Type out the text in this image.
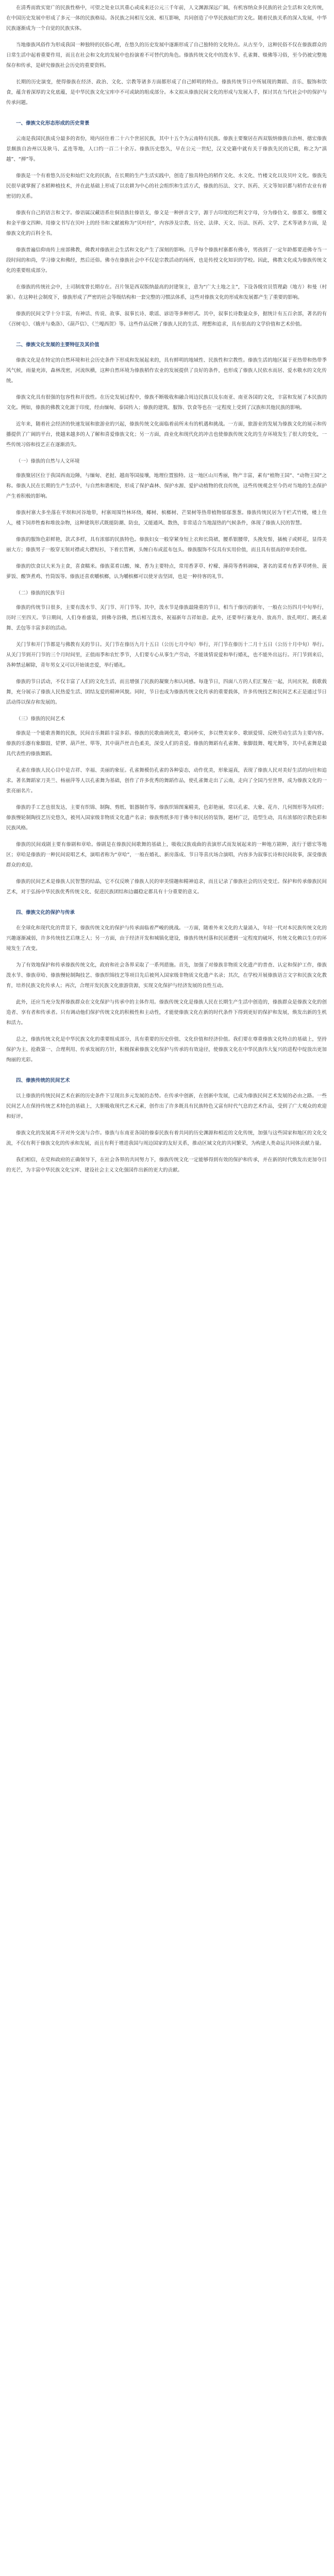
在清秀而敦实宽广的民族性格中，可望之处业以其重心或成来还公元三千年前，人文渊源深远广阔，有机容纳众多民族的社会生活和文化传统，在中国历史发展中形成了多元一体的民族格局。各民族之间相互交流、相互影响，共同创造了中华民族灿烂的文化。随着民族关系的深入发展，中华民族逐渐成为一个自觉的民族实体。

当地傣族风俗作为形成我国一种独特的民俗心理，在悠久的历史发展中逐渐形成了自己独特的文化特点。从古至今，这种民俗不仅在傣族群众的日常生活中起着重要作用，而且在社会和文化的发展中也扮演着不可替代的角色。傣族传统文化中的泼水节、孔雀舞、赕佛等习俗，至今仍被完整地保存和传承，是研究傣族社会历史的重要资料。

长期的历史演变，使得傣族在经济、政治、文化、宗教等诸多方面都形成了自己鲜明的特点。傣族传统节日中所展现的舞蹈、音乐、服饰和饮食，蕴含着深厚的文化底蕴，是中华民族文化宝库中不可或缺的组成部分。本文拟从傣族民间文化的形成与发展入手，探讨其在当代社会中的保护与传承问题。

一、傣族文化形态形成的历史背景

云南是我国民族成分最多的省份，境内居住着二十六个世居民族，其中十五个为云南特有民族。傣族主要聚居在西双版纳傣族自治州、德宏傣族景颇族自治州以及耿马、孟连等地，人口约一百二十余万。傣族历史悠久，早在公元一世纪，汉文史籍中就有关于傣族先民的记载，称之为“滇越”、“掸”等。

傣族是一个有着悠久历史和灿烂文化的民族，在长期的生产生活实践中，创造了独具特色的稻作文化、水文化、竹楼文化以及贝叶文化。傣族先民很早就掌握了水稻种植技术，并在此基础上形成了以农耕为中心的社会组织和生活方式，傣族的历法、文字、医药、天文等知识都与稻作农业有着密切的关系。

傣族有自己的语言和文字。傣语属汉藏语系壮侗语族壮傣语支，傣文是一种拼音文字，源于古印度的巴利文字母，分为傣仂文、傣那文、傣绷文和金平傣文四种。用傣文书写在贝叶上的经书和文献被称为“贝叶经”，内容涉及宗教、历史、法律、天文、历法、医药、文学、艺术等诸多方面，是傣族文化的百科全书。

傣族普遍信仰南传上座部佛教，佛教对傣族社会生活和文化产生了深刻的影响。几乎每个傣族村寨都有佛寺，男孩到了一定年龄都要进佛寺当一段时间的和尚，学习傣文和佛经，然后还俗。佛寺在傣族社会中不仅是宗教活动的场所，也是传授文化知识的学校。因此，佛教文化成为傣族传统文化的重要组成部分。

在傣族的传统社会中，土司制度曾长期存在。召片领是西双版纳最高的封建领主，意为“广大土地之主”，下设各级官员管理勐（地方）和曼（村寨）。在这种社会制度下，傣族形成了严密的社会等级结构和一套完整的习惯法体系，这些对傣族文化的形成和发展都产生了重要的影响。

傣族的民间文学十分丰富，有神话、传说、故事、叙事长诗、歌谣、谚语等多种形式。其中，叙事长诗数量众多，据统计有五百余部，著名的有《召树屯》、《娥并与桑洛》、《葫芦信》、《兰嘎西贺》等。这些作品反映了傣族人民的生活、理想和追求，具有很高的文学价值和艺术价值。

二、傣族文化发展的主要特征及其价值

傣族文化是在特定的自然环境和社会历史条件下形成和发展起来的，具有鲜明的地域性、民族性和宗教性。傣族生活的地区属于亚热带和热带季风气候，雨量充沛，森林茂密，河流纵横，这种自然环境为傣族稻作农业的发展提供了良好的条件，也形成了傣族人民依水而居、爱水敬水的文化传统。

傣族文化具有很强的包容性和开放性。在历史发展过程中，傣族不断吸收和融合周边民族以及东南亚、南亚各国的文化，丰富和发展了本民族的文化。例如，傣族的佛教文化源于印度，经由缅甸、泰国传入；傣族的建筑、服饰、饮食等也在一定程度上受到了汉族和其他民族的影响。

近年来，随着社会经济的快速发展和旅游业的兴起，傣族传统文化面临着前所未有的机遇和挑战。一方面，旅游业的发展为傣族文化的展示和传播提供了广阔的平台，使越来越多的人了解和喜爱傣族文化；另一方面，商业化和现代化的冲击也使傣族传统文化的生存环境发生了很大的变化，一些传统习俗和技艺正在逐渐消失。

（一）傣族的自然与人文环境

傣族聚居区位于我国西南边陲，与缅甸、老挝、越南等国接壤，地理位置独特。这一地区山川秀丽，物产丰富，素有“植物王国”、“动物王国”之称。傣族人民在长期的生产生活中，与自然和谐相处，形成了保护森林、保护水源、爱护动植物的优良传统，这些传统观念至今仍对当地的生态保护产生着积极的影响。

傣族村寨大多坐落在平坝和河谷地带，村寨周围竹林环绕，椰树、槟榔树、芒果树等热带植物郁郁葱葱。傣族传统民居为干栏式竹楼，楼上住人，楼下饲养牲畜和堆放杂物，这种建筑形式既能防潮、防虫，又能通风、散热，非常适合当地湿热的气候条件，体现了傣族人民的智慧。

傣族的服饰色彩鲜艳，款式多样，具有浓郁的民族特色。傣族妇女一般穿紧身短上衣和长筒裙，腰系银腰带，头挽发髻，插梳子或鲜花，显得美丽大方；傣族男子一般穿无领对襟或大襟短衫，下着长管裤，头缠白布或蓝布包头。傣族服饰不仅具有实用价值，而且具有很高的审美价值。

傣族的饮食以大米为主食，喜食糯米。傣族菜肴以酸、辣、香为主要特点，常用香茅草、柠檬、薄荷等香料调味，著名的菜肴有香茅草烤鱼、菠萝饭、酸笋煮鸡、竹筒饭等。傣族还喜欢嚼槟榔，认为嚼槟榔可以使牙齿坚固，也是一种待客的礼节。

（二）傣族的民族节日

傣族的传统节日很多，主要有泼水节、关门节、开门节等。其中，泼水节是傣族最隆重的节日，相当于傣历的新年，一般在公历四月中旬举行，历时三至四天。节日期间，人们身着盛装，到佛寺浴佛，然后相互泼水，祝福新年吉祥如意。此外，还要举行赛龙舟、放高升、放孔明灯、跳孔雀舞、丢包等丰富多彩的活动。

关门节和开门节都是与佛教有关的节日。关门节在傣历九月十五日（公历七月中旬）举行，开门节在傣历十二月十五日（公历十月中旬）举行。从关门节到开门节的三个月时间里，正值雨季和农忙季节，人们要专心从事生产劳动，不能谈情说爱和举行婚礼，也不能外出远行。开门节到来后，各种禁忌解除，青年男女又可以开始谈恋爱，举行婚礼。

傣族的节日活动，不仅丰富了人们的文化生活，而且增强了民族的凝聚力和认同感。每逢节日，四面八方的人们汇聚在一起，共同庆祝，载歌载舞，充分展示了傣族人民热爱生活、团结友爱的精神风貌。同时，节日也成为傣族传统文化传承的重要载体，许多传统技艺和民间艺术正是通过节日活动得以保存和发展的。

（三）傣族的民间艺术

傣族是一个能歌善舞的民族，民间音乐舞蹈丰富多彩。傣族的民歌曲调优美，歌词朴实，多以赞美家乡、歌颂爱情、反映劳动生活为主要内容。傣族的乐器有象脚鼓、铓锣、葫芦丝、筚等，其中葫芦丝音色柔美，深受人们的喜爱。傣族的舞蹈有孔雀舞、象脚鼓舞、嘎光舞等，其中孔雀舞是最具代表性的傣族舞蹈。

孔雀在傣族人民心目中是吉祥、幸福、美丽的象征。孔雀舞模仿孔雀的各种姿态，动作优美，形象逼真，表现了傣族人民对美好生活的向往和追求。著名舞蹈家刀美兰、杨丽萍等人以孔雀舞为基础，创作了许多优秀的舞蹈作品，使孔雀舞走出了云南，走向了全国乃至世界，成为傣族文化的一张亮丽名片。

傣族的手工艺也很发达，主要有织锦、制陶、剪纸、银器制作等。傣族织锦图案精美，色彩艳丽，常以孔雀、大象、花卉、几何图形等为纹样；傣族慢轮制陶技艺历史悠久，被列入国家级非物质文化遗产名录；傣族剪纸多用于佛寺和民居的装饰，题材广泛，造型生动，具有浓郁的宗教色彩和民族风格。

傣族的民间戏剧主要有傣剧和章哈。傣剧是在傣族民间歌舞的基础上，吸收汉族戏曲的表演形式而发展起来的一种地方剧种，流行于德宏等地区；章哈是傣族的一种民间说唱艺术，演唱者称为“章哈”，一般在婚礼、新房落成、节日等喜庆场合演唱，内容多为叙事长诗和民间故事，深受傣族群众的欢迎。

傣族的民间艺术是傣族人民智慧的结晶，它不仅反映了傣族人民的审美情趣和精神追求，而且记录了傣族社会的历史变迁。保护和传承傣族民间艺术，对于弘扬中华民族优秀传统文化、促进民族团结和边疆稳定都具有十分重要的意义。

四、傣族文化的保护与传承

在全球化和现代化的背景下，傣族传统文化的保护与传承面临着严峻的挑战。一方面，随着外来文化的大量涌入，年轻一代对本民族传统文化的兴趣逐渐减弱，许多传统技艺后继乏人；另一方面，由于经济开发和城镇化建设，傣族传统村落和民居遭到一定程度的破坏，传统文化赖以生存的环境发生了改变。

为了有效地保护和传承傣族传统文化，政府和社会各界采取了一系列措施。首先，加强了对傣族非物质文化遗产的普查、认定和保护工作，傣族泼水节、傣族章哈、傣族慢轮制陶技艺、傣族织锦技艺等项目先后被列入国家级非物质文化遗产名录；其次，在学校开展傣族语言文字和民族文化教育，培养民族文化传承人；再次，合理开发民族文化旅游资源，实现文化保护与经济发展的良性互动。

此外，还应当充分发挥傣族群众在文化保护与传承中的主体作用。傣族传统文化是傣族人民在长期生产生活中创造的，傣族群众是傣族文化的创造者、享有者和传承者。只有调动他们保护传统文化的积极性和主动性，才能使傣族文化在新的时代条件下得到更好的保护和发展，焕发出新的生机和活力。

总之，傣族传统文化是中华民族文化的重要组成部分，具有重要的历史价值、文化价值和经济价值。我们要在尊重傣族文化特点的基础上，坚持保护为主、抢救第一、合理利用、传承发展的方针，积极探索傣族文化保护与传承的有效途径，使傣族文化在中华民族伟大复兴的进程中绽放出更加绚丽的光彩。

四、傣族传统的民间艺术

以上傣族的传统民间艺术在新的历史条件下呈现出多元发展的态势。在传承中创新，在创新中发展，已成为傣族民间艺术发展的必由之路。一些民间艺人在保持传统艺术特色的基础上，大胆吸收现代艺术元素，创作出了许多既具有民族特色又富有时代气息的艺术作品，受到了广大观众的欢迎和好评。

傣族文化的发展离不开对外交流与合作。傣族与东南亚各国的傣泰民族有着共同的历史渊源和相近的文化传统，加强与这些国家和地区的文化交流，不仅有利于傣族文化的传承和发展，而且有利于增进我国与周边国家的友好关系，推动区域文化的共同繁荣，为构建人类命运共同体贡献力量。

我们相信，在党和政府的正确领导下，在社会各界的共同努力下，傣族传统文化一定能够得到有效的保护和传承，并在新的时代焕发出更加夺目的光芒，为丰富中华民族文化宝库、建设社会主义文化强国作出新的更大的贡献。
